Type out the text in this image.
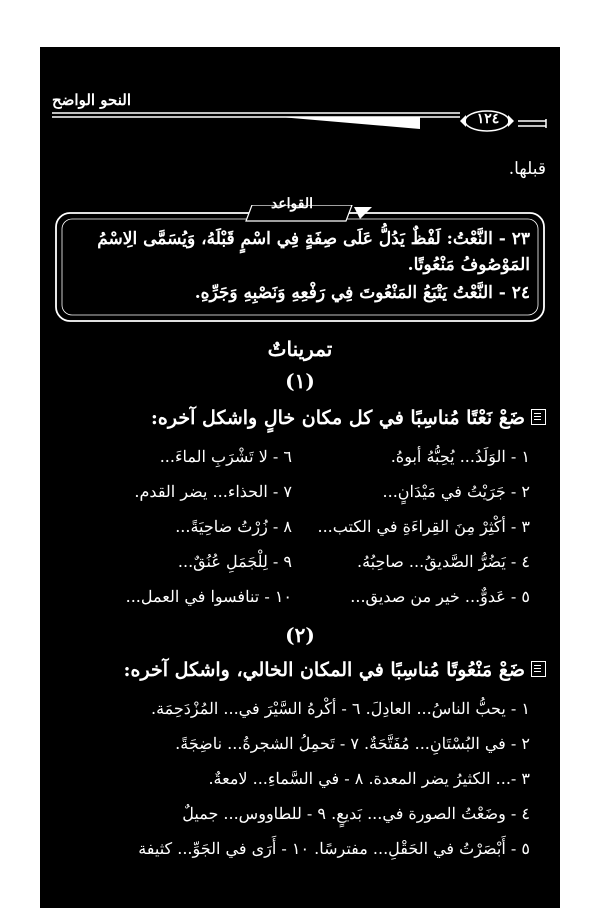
النحو الواضح
١٢٤
قبلها.
القواعد
٢٣ - النَّعْتُ: لَفْظٌ يَدُلُّ عَلَى صِفَةٍ فِي اسْمٍ قَبْلَهُ، وَيُسَمَّى الِاسْمُ
المَوْصُوفُ مَنْعُوتًا.
٢٤ - النَّعْتُ يَتْبَعُ المَنْعُوتَ فِي رَفْعِهِ وَنَصْبِهِ وَجَرِّهِ.
تمريناتٌ
(١)
ضَعْ نَعْتًا مُناسِبًا في كل مكان خالٍ واشكل آخره:
١ - الوَلَدُ... يُحِبُّهُ أبوهُ.
٦ - لا تَشْرَبِ الماءَ...
٢ - جَرَيْتُ في مَيْدَانٍ...
٧ - الحذاء... يضر القدم.
٣ - أكْثِرْ مِنَ القِراءَةِ في الكتب...
٨ - زُرْتُ ضاحِيَةً...
٤ - يَضُرُّ الصَّديقُ... صاحِبُهُ.
٩ - لِلْجَمَلِ عُنُقٌ...
٥ - عَدوٌّ... خير من صديق...
١٠ - تنافسوا في العمل...
(٢)
ضَعْ مَنْعُوتًا مُناسِبًا في المكان الخالي، واشكل آخره:
١ - يحبُّ الناسُ... العادِلَ. ٦ - أكْرهُ السَّيْرَ في... المُزْدَحِمَة.
٢ - في البُسْتَانِ... مُفَتَّحَةٌ. ٧ - تَحمِلُ الشجرةُ... ناضِجَةً.
٣ -... الكثيرُ يضر المعدة. ٨ - في السَّماءِ... لامعةٌ.
٤ - وضَعْتُ الصورة في... بَديعٍ. ٩ - للطاووس... جميلٌ
٥ - أَبْصَرْتُ في الحَقْلِ... مفترسًا. ١٠ - أَرَى في الجَوِّ... كثيفة
